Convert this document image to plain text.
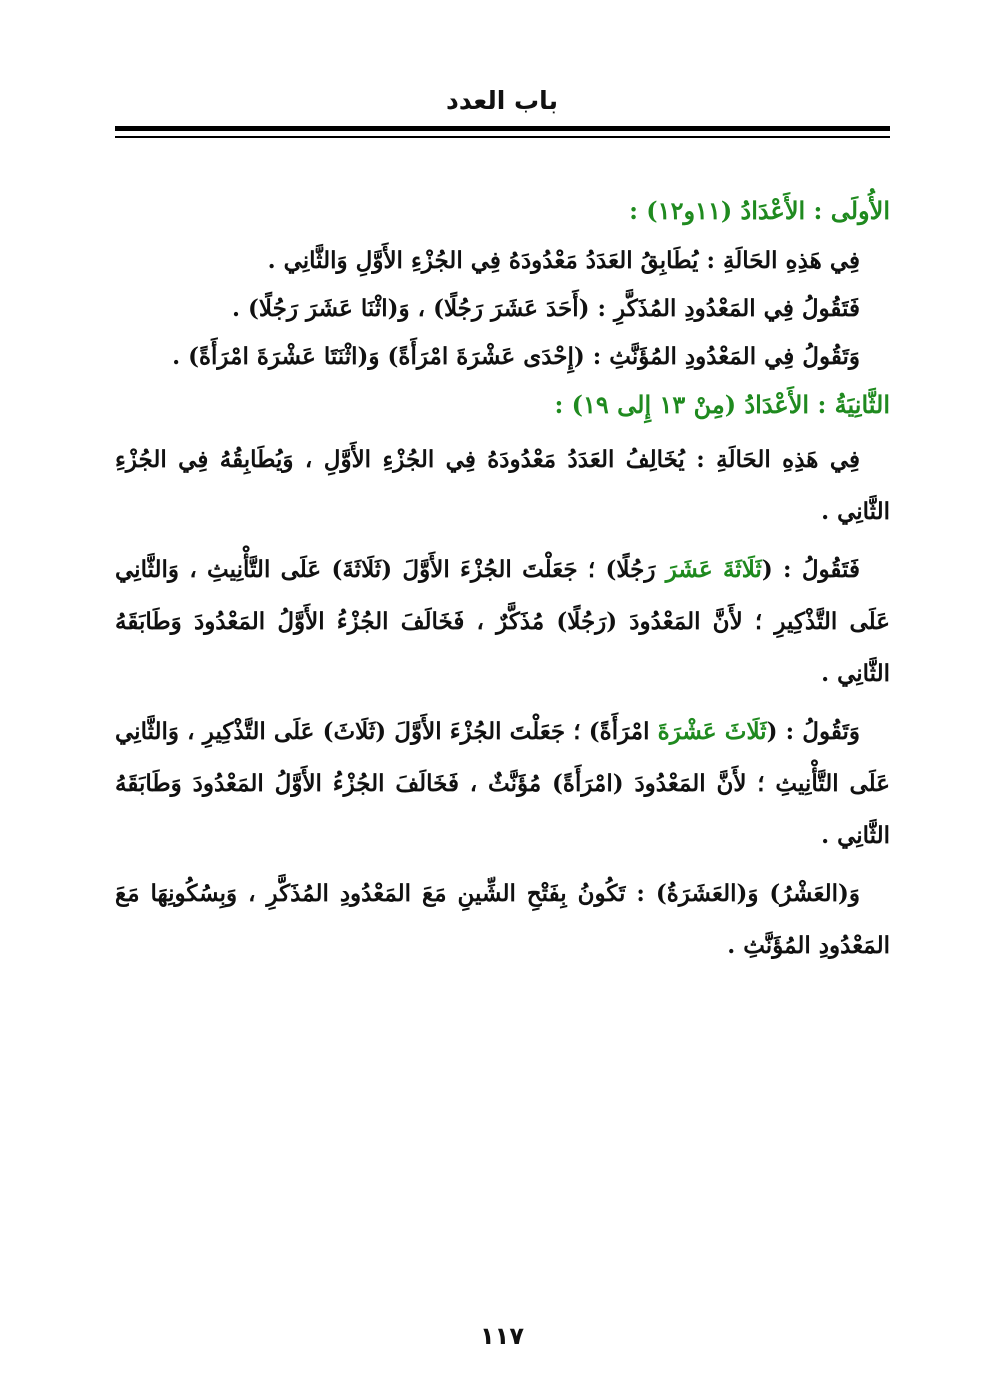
باب العدد
الأُولَى : الأَعْدَادُ (١١و١٢) :
فِي هَذِهِ الحَالَةِ : يُطَابِقُ العَدَدُ مَعْدُودَهُ فِي الجُزْءِ الأَوَّلِ وَالثَّانِي .
فَتَقُولُ فِي المَعْدُودِ المُذَكَّرِ : (أَحَدَ عَشَرَ رَجُلًا) ، وَ(اثْنَا عَشَرَ رَجُلًا) .
وَتَقُولُ فِي المَعْدُودِ المُؤَنَّثِ : (إِحْدَى عَشْرَةَ امْرَأَةً) وَ(اثْنَتَا عَشْرَةَ امْرَأَةً) .
الثَّانِيَةُ : الأَعْدَادُ (مِنْ ١٣ إِلى ١٩) :
فِي هَذِهِ الحَالَةِ : يُخَالِفُ العَدَدُ مَعْدُودَهُ فِي الجُزْءِ الأَوَّلِ ، وَيُطَابِقُهُ فِي الجُزْءِ الثَّانِي .
فَتَقُولُ : (ثَلَاثَةَ عَشَرَ رَجُلًا) ؛ جَعَلْتَ الجُزْءَ الأَوَّلَ (ثَلَاثَةَ) عَلَى التَّأْنِيثِ ، وَالثَّانِي عَلَى التَّذْكِيرِ ؛ لأَنَّ المَعْدُودَ (رَجُلًا) مُذَكَّرٌ ، فَخَالَفَ الجُزْءُ الأَوَّلُ المَعْدُودَ وَطَابَقَهُ الثَّانِي .
وَتَقُولُ : (ثَلَاثَ عَشْرَةَ امْرَأَةً) ؛ جَعَلْتَ الجُزْءَ الأَوَّلَ (ثَلَاثَ) عَلَى التَّذْكِيرِ ، وَالثَّانِي عَلَى التَّأْنِيثِ ؛ لأَنَّ المَعْدُودَ (امْرَأَةً) مُؤَنَّثٌ ، فَخَالَفَ الجُزْءُ الأَوَّلُ المَعْدُودَ وَطَابَقَهُ الثَّانِي .
وَ(العَشْرُ) وَ(العَشَرَةُ) : تَكُونُ بِفَتْحِ الشِّينِ مَعَ المَعْدُودِ المُذَكَّرِ ، وَبِسُكُونِهَا مَعَ المَعْدُودِ المُؤَنَّثِ .
١١٧
